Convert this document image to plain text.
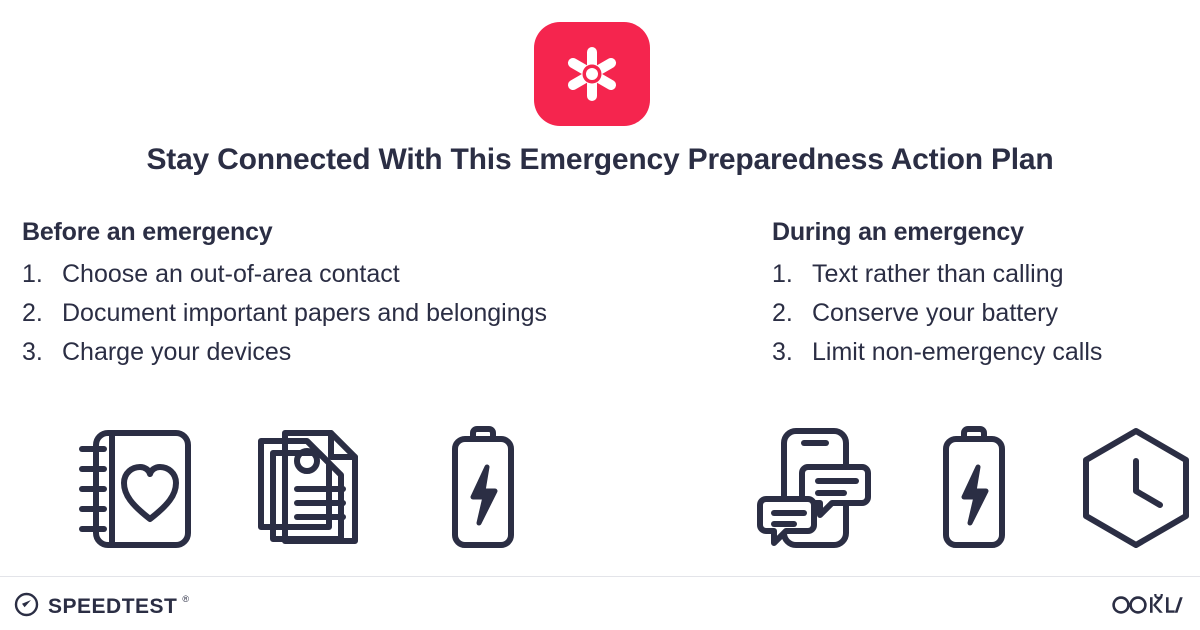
Stay Connected With This Emergency Preparedness Action Plan
Before an emergency
Choose an out-of-area contact
Document important papers and belongings
Charge your devices
During an emergency
Text rather than calling
Conserve your battery
Limit non-emergency calls
SPEEDTEST ®
